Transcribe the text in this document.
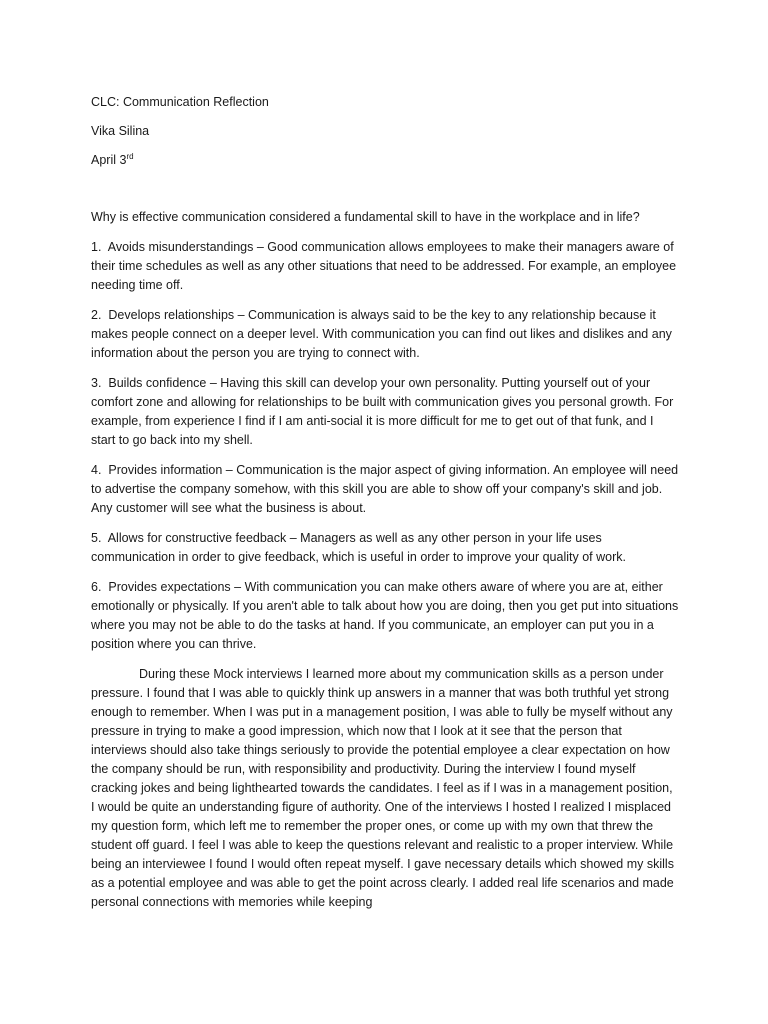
CLC: Communication Reflection

Vika Silina

April 3rd

Why is effective communication considered a fundamental skill to have in the workplace and in life?

1. Avoids misunderstandings – Good communication allows employees to make their managers aware of their time schedules as well as any other situations that need to be addressed. For example, an employee needing time off.

2. Develops relationships – Communication is always said to be the key to any relationship because it makes people connect on a deeper level. With communication you can find out likes and dislikes and any information about the person you are trying to connect with.

3. Builds confidence – Having this skill can develop your own personality. Putting yourself out of your comfort zone and allowing for relationships to be built with communication gives you personal growth. For example, from experience I find if I am anti-social it is more difficult for me to get out of that funk, and I start to go back into my shell.

4. Provides information – Communication is the major aspect of giving information. An employee will need to advertise the company somehow, with this skill you are able to show off your company's skill and job. Any customer will see what the business is about.

5. Allows for constructive feedback – Managers as well as any other person in your life uses communication in order to give feedback, which is useful in order to improve your quality of work.

6. Provides expectations – With communication you can make others aware of where you are at, either emotionally or physically. If you aren't able to talk about how you are doing, then you get put into situations where you may not be able to do the tasks at hand. If you communicate, an employer can put you in a position where you can thrive.

During these Mock interviews I learned more about my communication skills as a person under pressure. I found that I was able to quickly think up answers in a manner that was both truthful yet strong enough to remember. When I was put in a management position, I was able to fully be myself without any pressure in trying to make a good impression, which now that I look at it see that the person that interviews should also take things seriously to provide the potential employee a clear expectation on how the company should be run, with responsibility and productivity. During the interview I found myself cracking jokes and being lighthearted towards the candidates. I feel as if I was in a management position, I would be quite an understanding figure of authority. One of the interviews I hosted I realized I misplaced my question form, which left me to remember the proper ones, or come up with my own that threw the student off guard. I feel I was able to keep the questions relevant and realistic to a proper interview. While being an interviewee I found I would often repeat myself. I gave necessary details which showed my skills as a potential employee and was able to get the point across clearly. I added real life scenarios and made personal connections with memories while keeping
